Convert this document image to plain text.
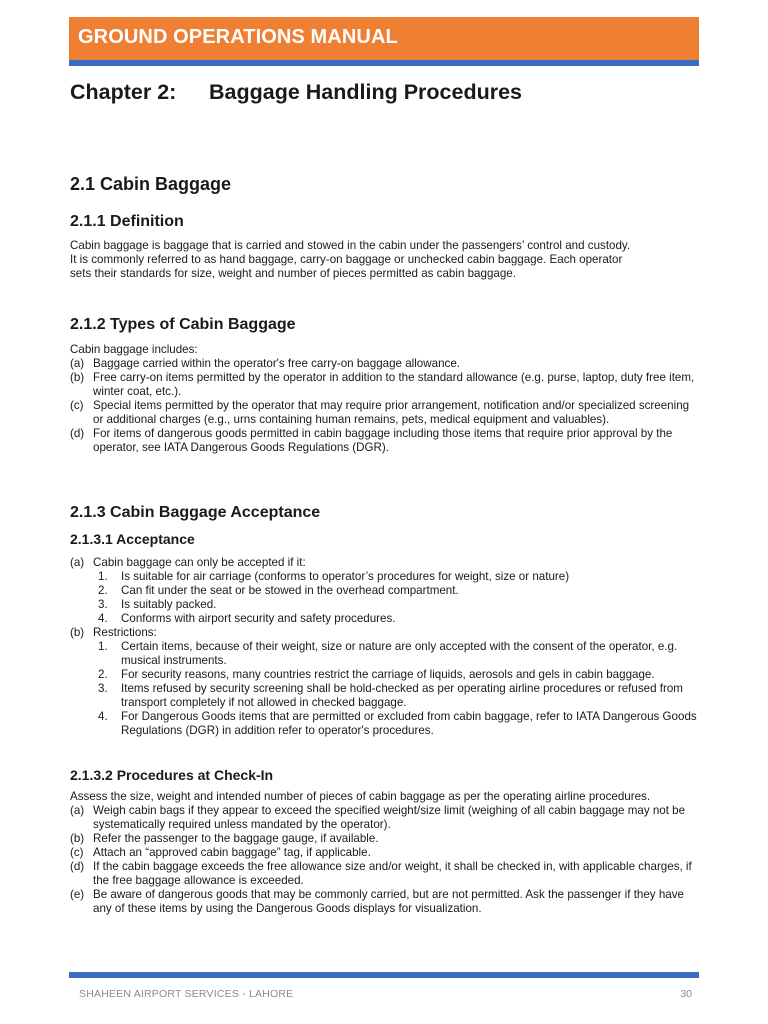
GROUND OPERATIONS MANUAL
Chapter 2: Baggage Handling Procedures
2.1 Cabin Baggage
2.1.1 Definition
Cabin baggage is baggage that is carried and stowed in the cabin under the passengers’ control and custody.
It is commonly referred to as hand baggage, carry-on baggage or unchecked cabin baggage. Each operator
sets their standards for size, weight and number of pieces permitted as cabin baggage.
2.1.2 Types of Cabin Baggage
Cabin baggage includes:
(a) Baggage carried within the operator's free carry-on baggage allowance.
(b) Free carry-on items permitted by the operator in addition to the standard allowance (e.g. purse, laptop, duty free item, winter coat, etc.).
(c) Special items permitted by the operator that may require prior arrangement, notification and/or specialized screening or additional charges (e.g., urns containing human remains, pets, medical equipment and valuables).
(d) For items of dangerous goods permitted in cabin baggage including those items that require prior approval by the operator, see IATA Dangerous Goods Regulations (DGR).
2.1.3 Cabin Baggage Acceptance
2.1.3.1 Acceptance
(a) Cabin baggage can only be accepted if it:
1.	Is suitable for air carriage (conforms to operator’s procedures for weight, size or nature)
2.	Can fit under the seat or be stowed in the overhead compartment.
3.	Is suitably packed.
4.	Conforms with airport security and safety procedures.
(b) Restrictions:
1.	Certain items, because of their weight, size or nature are only accepted with the consent of the operator, e.g. musical instruments.
2.	For security reasons, many countries restrict the carriage of liquids, aerosols and gels in cabin baggage.
3.	Items refused by security screening shall be hold-checked as per operating airline procedures or refused from transport completely if not allowed in checked baggage.
4.	For Dangerous Goods items that are permitted or excluded from cabin baggage, refer to IATA Dangerous Goods Regulations (DGR) in addition refer to operator's procedures.
2.1.3.2 Procedures at Check-In
Assess the size, weight and intended number of pieces of cabin baggage as per the operating airline procedures.
(a) Weigh cabin bags if they appear to exceed the specified weight/size limit (weighing of all cabin baggage may not be systematically required unless mandated by the operator).
(b) Refer the passenger to the baggage gauge, if available.
(c) Attach an “approved cabin baggage” tag, if applicable.
(d) If the cabin baggage exceeds the free allowance size and/or weight, it shall be checked in, with applicable charges, if the free baggage allowance is exceeded.
(e) Be aware of dangerous goods that may be commonly carried, but are not permitted. Ask the passenger if they have any of these items by using the Dangerous Goods displays for visualization.
SHAHEEN AIRPORT SERVICES - LAHORE	30
